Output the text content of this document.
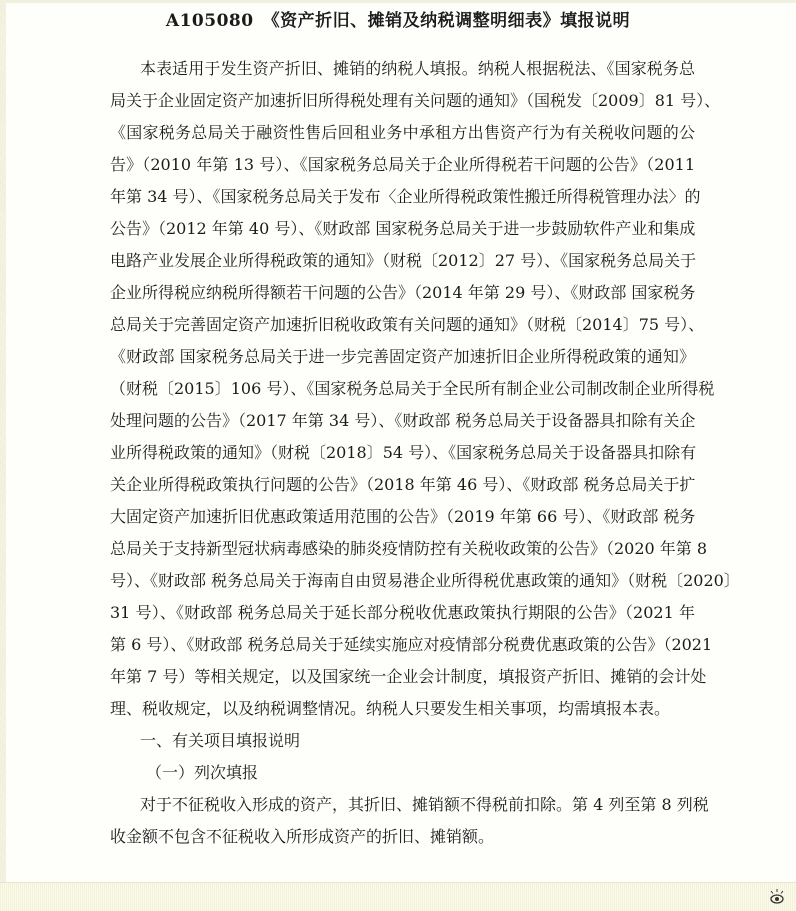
A105080　《资产折旧、摊销及纳税调整明细表》填报说明
本表适用于发生资产折旧、摊销的纳税人填报。纳税人根据税法、《国家税务总
局关于企业固定资产加速折旧所得税处理有关问题的通知》（国税发〔2009〕81 号）、
《国家税务总局关于融资性售后回租业务中承租方出售资产行为有关税收问题的公
告》（2010 年第 13 号）、《国家税务总局关于企业所得税若干问题的公告》（2011
年第 34 号）、《国家税务总局关于发布〈企业所得税政策性搬迁所得税管理办法〉的
公告》（2012 年第 40 号）、《财政部 国家税务总局关于进一步鼓励软件产业和集成
电路产业发展企业所得税政策的通知》（财税〔2012〕27 号）、《国家税务总局关于
企业所得税应纳税所得额若干问题的公告》（2014 年第 29 号）、《财政部 国家税务
总局关于完善固定资产加速折旧税收政策有关问题的通知》（财税〔2014〕75 号）、
《财政部 国家税务总局关于进一步完善固定资产加速折旧企业所得税政策的通知》
（财税〔2015〕106 号）、《国家税务总局关于全民所有制企业公司制改制企业所得税
处理问题的公告》（2017 年第 34 号）、《财政部 税务总局关于设备器具扣除有关企
业所得税政策的通知》（财税〔2018〕54 号）、《国家税务总局关于设备器具扣除有
关企业所得税政策执行问题的公告》（2018 年第 46 号）、《财政部 税务总局关于扩
大固定资产加速折旧优惠政策适用范围的公告》（2019 年第 66 号）、《财政部 税务
总局关于支持新型冠状病毒感染的肺炎疫情防控有关税收政策的公告》（2020 年第 8
号）、《财政部 税务总局关于海南自由贸易港企业所得税优惠政策的通知》（财税〔2020〕
31 号）、《财政部 税务总局关于延长部分税收优惠政策执行期限的公告》（2021 年
第 6 号）、《财政部 税务总局关于延续实施应对疫情部分税费优惠政策的公告》（2021
年第 7 号）等相关规定，以及国家统一企业会计制度，填报资产折旧、摊销的会计处
理、税收规定，以及纳税调整情况。纳税人只要发生相关事项，均需填报本表。
一、有关项目填报说明
（一）列次填报
对于不征税收入形成的资产，其折旧、摊销额不得税前扣除。第 4 列至第 8 列税
收金额不包含不征税收入所形成资产的折旧、摊销额。
